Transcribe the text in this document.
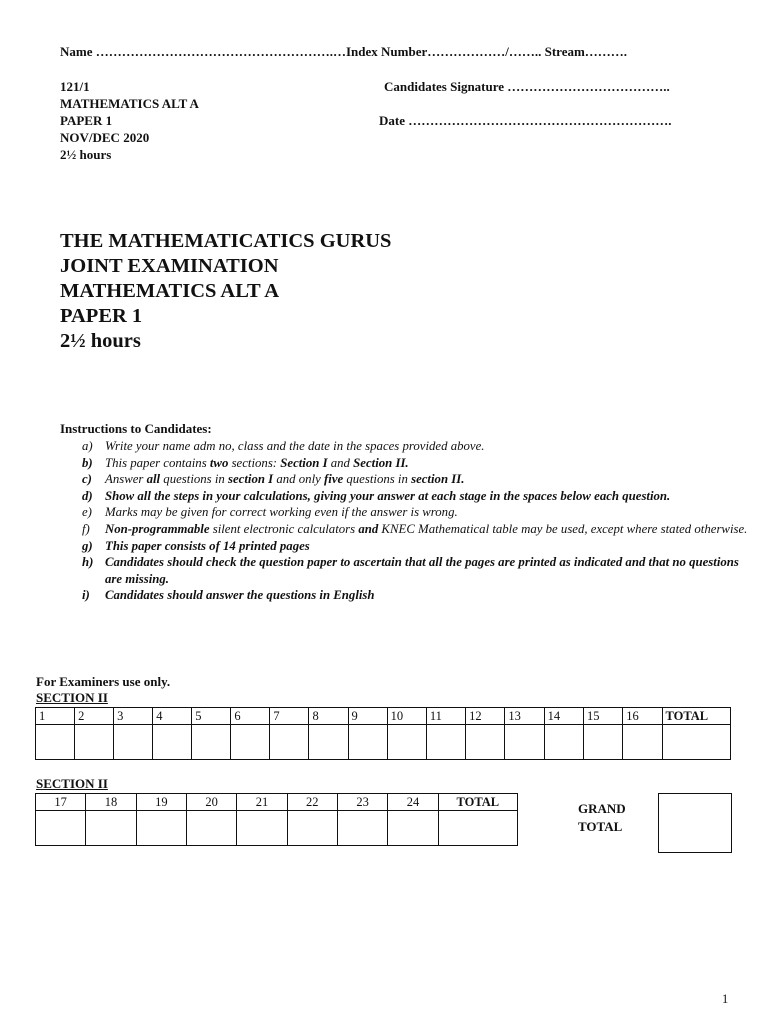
Name ……………………………………………….…Index Number………………/…….. Stream……….
121/1
MATHEMATICS ALT A
PAPER 1
NOV/DEC 2020
2½ hours
Candidates Signature ………………………………..
Date …………………………………………………….
THE MATHEMATICATICS GURUS
JOINT EXAMINATION
MATHEMATICS ALT A
PAPER 1
2½ hours
Instructions to Candidates:
a) Write your name adm no, class and the date in the spaces provided above.
b) This paper contains two sections: Section I and Section II.
c) Answer all questions in section I and only five questions in section II.
d) Show all the steps in your calculations, giving your answer at each stage in the spaces below each question.
e) Marks may be given for correct working even if the answer is wrong.
f) Non-programmable silent electronic calculators and KNEC Mathematical table may be used, except where stated otherwise.
g) This paper consists of 14 printed pages
h) Candidates should check the question paper to ascertain that all the pages are printed as indicated and that no questions are missing.
i) Candidates should answer the questions in English
For Examiners use only.
SECTION II
1	2	3	4	5	6	7	8	9	10	11	12	13	14	15	16	TOTAL

SECTION II
17	18	19	20	21	22	23	24	TOTAL
									GRAND
TOTAL
1
